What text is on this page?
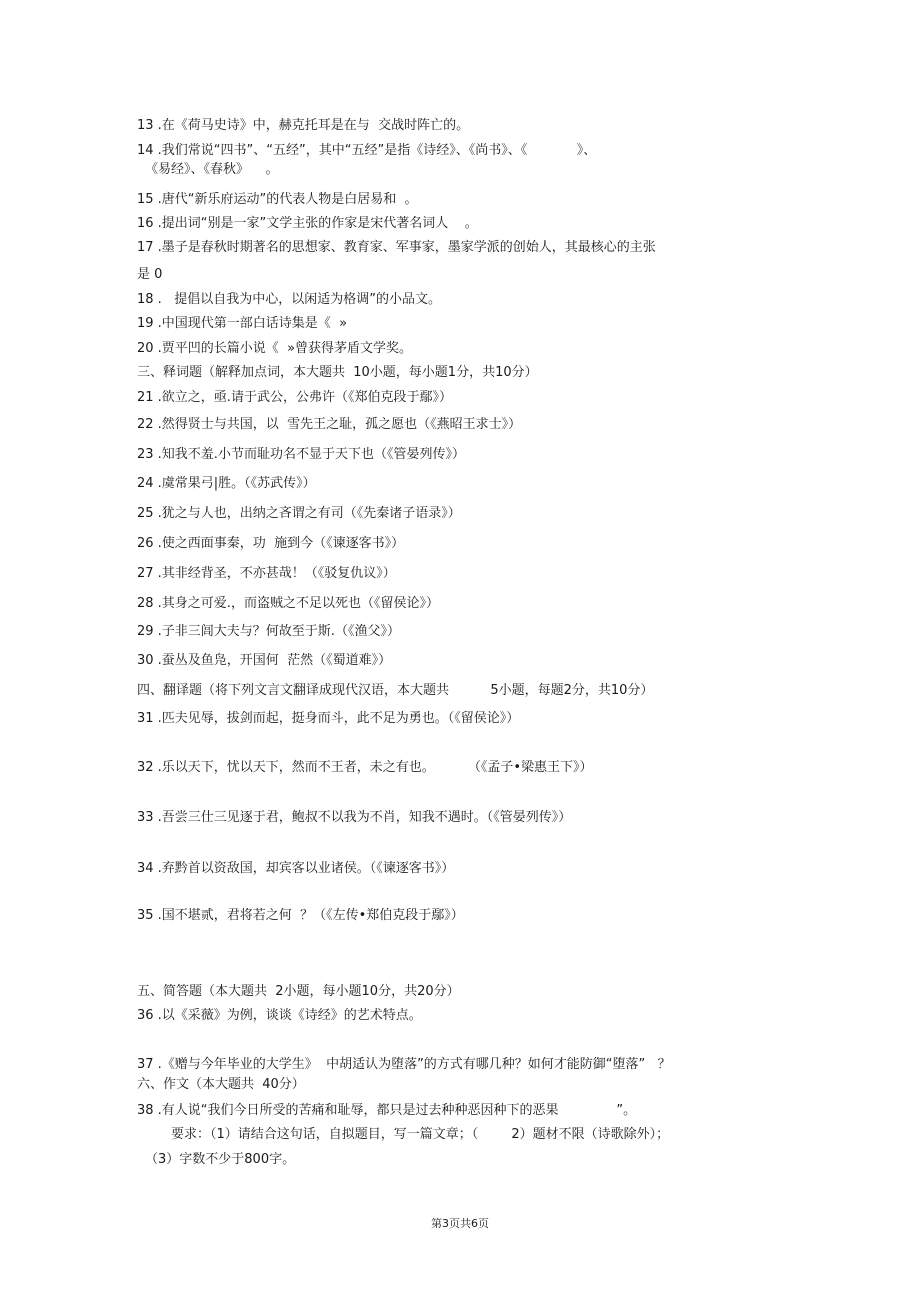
13 .在《荷马史诗》中，赫克托耳是在与  交战时阵亡的。

14 .我们常说“四书”、“五经”，其中“五经”是指《诗经》、《尚书》、《            》、

《易经》、《春秋》    。

15 .唐代“新乐府运动”的代表人物是白居易和  。

16 .提出词“别是一家”文学主张的作家是宋代著名词人    。

17 .墨子是春秋时期著名的思想家、教育家、军事家，墨家学派的创始人，其最核心的主张

是 0

18 .   提倡以自我为中心，以闲适为格调”的小品文。

19 .中国现代第一部白话诗集是《  »

20 .贾平凹的长篇小说《  »曾获得茅盾文学奖。

三、释词题（解释加点词，本大题共  10小题，每小题1分，共10分）

21 .欲立之，亟.请于武公，公弗许（《郑伯克段于鄢》）

22 .然得贤士与共国，以  雪先王之耻，孤之愿也（《燕昭王求士》）

23 .知我不羞.小节而耻功名不显于天下也（《管晏列传》）

24 .虞常果弓|胜。（《苏武传》）

25 .犹之与人也，出纳之吝谓之有司（《先秦诸子语录》）

26 .使之西面事秦，功  施到今（《谏逐客书》）

27 .其非经背圣，不亦甚哉！（《驳复仇议》）

28 .其身之可爱.，而盗贼之不足以死也（《留侯论》）

29 .子非三闾大夫与？何故至于斯.（《渔父》）

30 .蚕丛及鱼凫，开国何  茫然（《蜀道难》）

四、翻译题（将下列文言文翻译成现代汉语，本大题共          5小题，每题2分，共10分）

31 .匹夫见辱，拔剑而起，挺身而斗，此不足为勇也。（《留侯论》）

32 .乐以天下，忧以天下，然而不王者，未之有也。        （《孟子•梁惠王下》）

33 .吾尝三仕三见逐于君，鲍叔不以我为不肖，知我不遇时。（《管晏列传》）

34 .弃黔首以资敌国，却宾客以业诸侯。（《谏逐客书》）

35 .国不堪贰，君将若之何  ？（《左传•郑伯克段于鄢》）

五、简答题（本大题共  2小题，每小题10分，共20分）

36 .以《采薇》为例，谈谈《诗经》的艺术特点。

37 .《赠与今年毕业的大学生》  中胡适认为堕落”的方式有哪几种？如何才能防御“堕落”   ？

六、作文（本大题共  40分）

38 .有人说“我们今日所受的苦痛和耻辱，都只是过去种种恶因种下的恶果              ”。

要求：（1）请结合这句话，自拟题目，写一篇文章；（        2）题材不限（诗歌除外）；

（3）字数不少于800字。

第3页共6页
